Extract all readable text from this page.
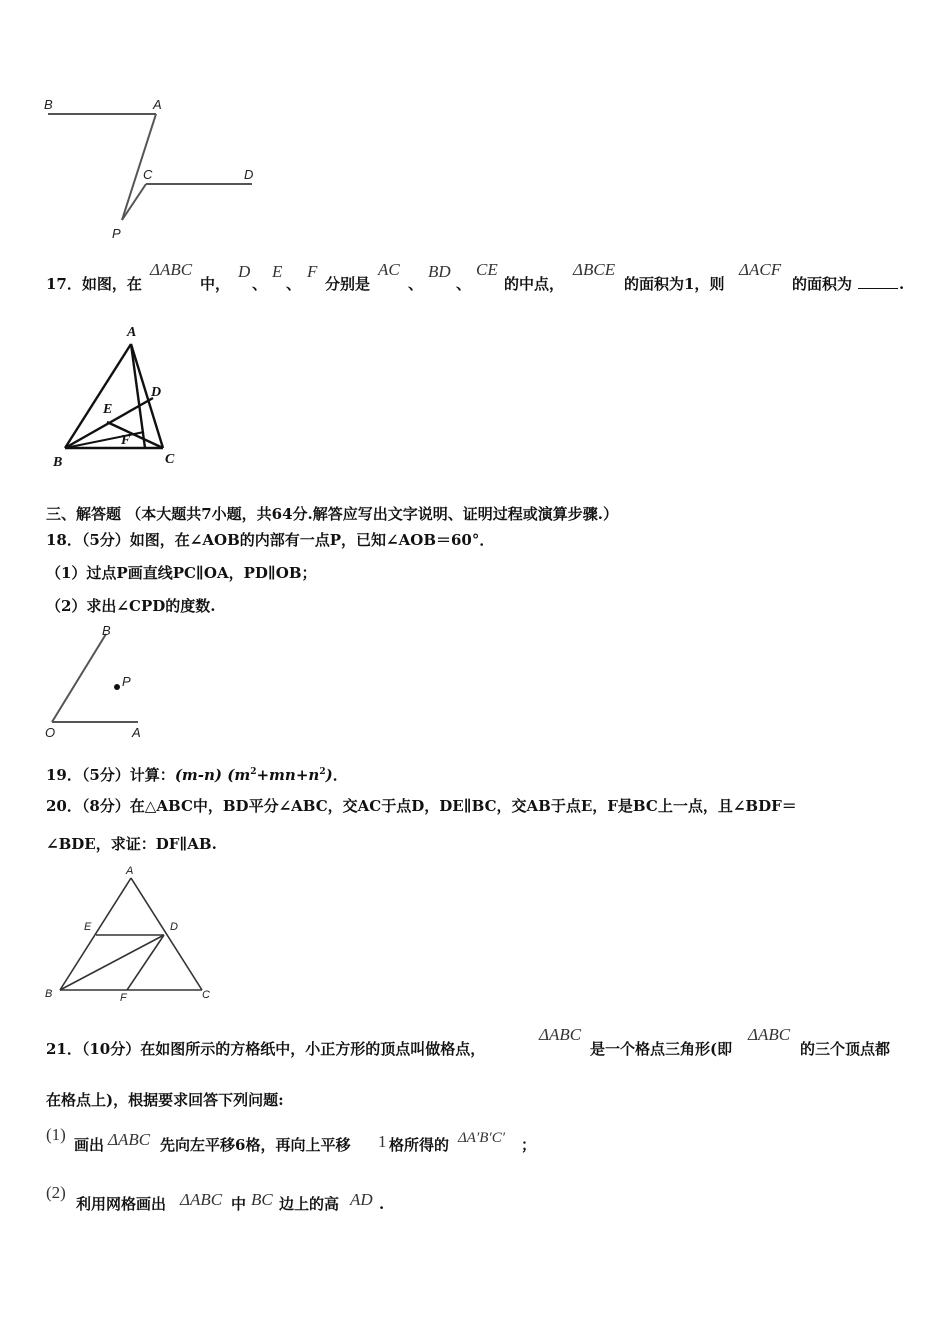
B	A
C	D
P
17．如图，在
ΔABC
中，
D
、
E
、
F
分别是
AC
、
BD
、
CE
的中点，
ΔBCE
的面积为1，则
ΔACF
的面积为	.
A
D
E
F
B	C
三、解答题 （本大题共7小题，共64分.解答应写出文字说明、证明过程或演算步骤.）
18．（5分）如图，在∠AOB的内部有一点P，已知∠AOB＝60°．
（1）过点P画直线PC∥OA，PD∥OB；
（2）求出∠CPD的度数.
B
P
O	A
19．（5分）计算：(m-n) $(m^2+mn+n^2)$．
20．（8分）在△ABC中，BD平分∠ABC，交AC于点D，DE∥BC，交AB于点E，F是BC上一点，且∠BDF＝
∠BDE，求证：DF∥AB.
A
E	D
B	F	C
21．（10分）在如图所示的方格纸中，小正方形的顶点叫做格点，
ΔABC
是一个格点三角形(即
ΔABC
的三个顶点都
在格点上)，根据要求回答下列问题:
(1)
画出 ΔABC 先向左平移6格，再向上平移 1 格所得的 ΔA′B′C′ ；
(2)
利用网格画出 ΔABC 中 BC 边上的高 AD .
